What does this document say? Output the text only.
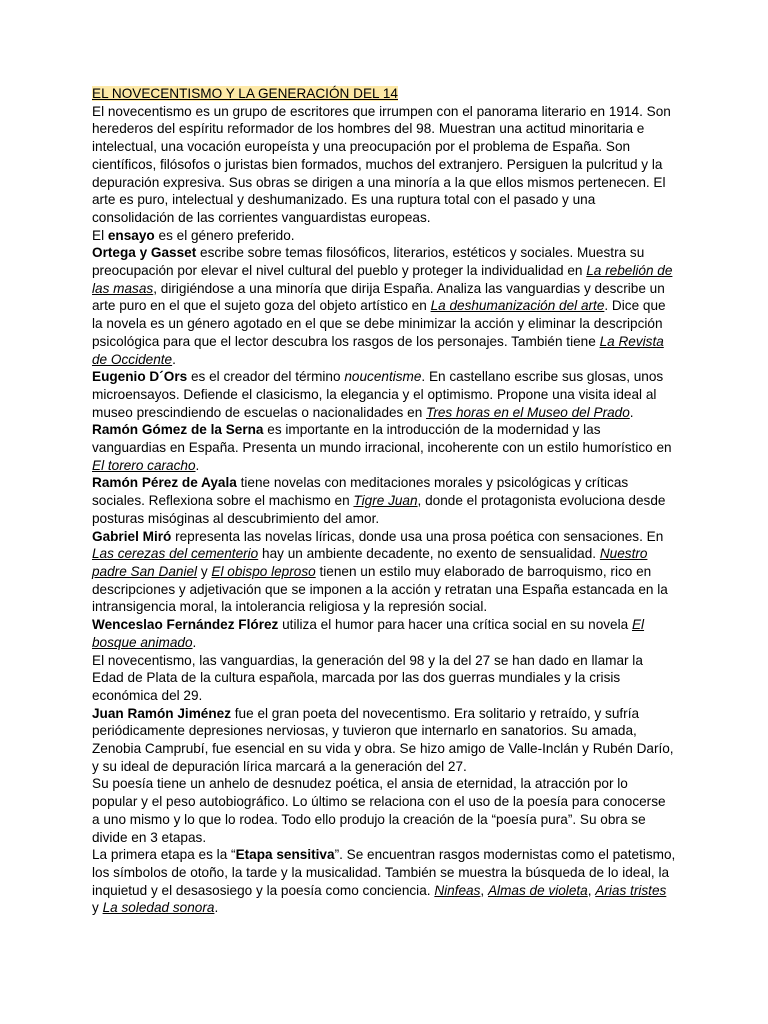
EL NOVECENTISMO Y LA GENERACIÓN DEL 14

El novecentismo es un grupo de escritores que irrumpen con el panorama literario en 1914. Son herederos del espíritu reformador de los hombres del 98. Muestran una actitud minoritaria e intelectual, una vocación europeísta y una preocupación por el problema de España. Son científicos, filósofos o juristas bien formados, muchos del extranjero. Persiguen la pulcritud y la depuración expresiva. Sus obras se dirigen a una minoría a la que ellos mismos pertenecen. El arte es puro, intelectual y deshumanizado. Es una ruptura total con el pasado y una consolidación de las corrientes vanguardistas europeas.

El ensayo es el género preferido.

Ortega y Gasset escribe sobre temas filosóficos, literarios, estéticos y sociales. Muestra su preocupación por elevar el nivel cultural del pueblo y proteger la individualidad en La rebelión de las masas, dirigiéndose a una minoría que dirija España. Analiza las vanguardias y describe un arte puro en el que el sujeto goza del objeto artístico en La deshumanización del arte. Dice que la novela es un género agotado en el que se debe minimizar la acción y eliminar la descripción psicológica para que el lector descubra los rasgos de los personajes. También tiene La Revista de Occidente.

Eugenio D´Ors es el creador del término noucentisme. En castellano escribe sus glosas, unos microensayos. Defiende el clasicismo, la elegancia y el optimismo. Propone una visita ideal al museo prescindiendo de escuelas o nacionalidades en Tres horas en el Museo del Prado.

Ramón Gómez de la Serna es importante en la introducción de la modernidad y las vanguardias en España. Presenta un mundo irracional, incoherente con un estilo humorístico en El torero caracho.

Ramón Pérez de Ayala tiene novelas con meditaciones morales y psicológicas y críticas sociales. Reflexiona sobre el machismo en Tigre Juan, donde el protagonista evoluciona desde posturas misóginas al descubrimiento del amor.

Gabriel Miró representa las novelas líricas, donde usa una prosa poética con sensaciones. En Las cerezas del cementerio hay un ambiente decadente, no exento de sensualidad. Nuestro padre San Daniel y El obispo leproso tienen un estilo muy elaborado de barroquismo, rico en descripciones y adjetivación que se imponen a la acción y retratan una España estancada en la intransigencia moral, la intolerancia religiosa y la represión social.

Wenceslao Fernández Flórez utiliza el humor para hacer una crítica social en su novela El bosque animado.

El novecentismo, las vanguardias, la generación del 98 y la del 27 se han dado en llamar la Edad de Plata de la cultura española, marcada por las dos guerras mundiales y la crisis económica del 29.

Juan Ramón Jiménez fue el gran poeta del novecentismo. Era solitario y retraído, y sufría periódicamente depresiones nerviosas, y tuvieron que internarlo en sanatorios. Su amada, Zenobia Camprubí, fue esencial en su vida y obra. Se hizo amigo de Valle-Inclán y Rubén Darío, y su ideal de depuración lírica marcará a la generación del 27.

Su poesía tiene un anhelo de desnudez poética, el ansia de eternidad, la atracción por lo popular y el peso autobiográfico. Lo último se relaciona con el uso de la poesía para conocerse a uno mismo y lo que lo rodea. Todo ello produjo la creación de la “poesía pura”. Su obra se divide en 3 etapas.

La primera etapa es la “Etapa sensitiva”. Se encuentran rasgos modernistas como el patetismo, los símbolos de otoño, la tarde y la musicalidad. También se muestra la búsqueda de lo ideal, la inquietud y el desasosiego y la poesía como conciencia. Ninfeas, Almas de violeta, Arias tristes y La soledad sonora.
